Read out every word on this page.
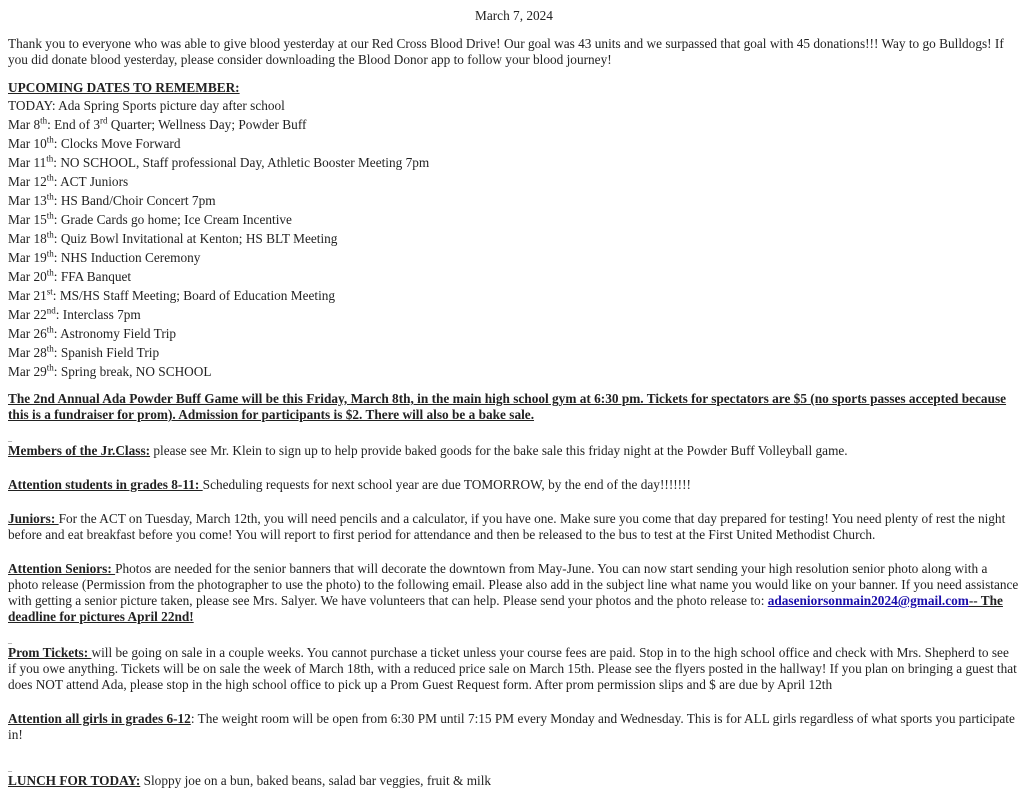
March 7, 2024

Thank you to everyone who was able to give blood yesterday at our Red Cross Blood Drive! Our goal was 43 units and we surpassed that goal with 45 donations!!! Way to go Bulldogs! If you did donate blood yesterday, please consider downloading the Blood Donor app to follow your blood journey!

UPCOMING DATES TO REMEMBER:

TODAY: Ada Spring Sports picture day after school

Mar 8th: End of 3rd Quarter; Wellness Day; Powder Buff

Mar 10th: Clocks Move Forward

Mar 11th: NO SCHOOL, Staff professional Day, Athletic Booster Meeting 7pm

Mar 12th: ACT Juniors

Mar 13th: HS Band/Choir Concert 7pm

Mar 15th: Grade Cards go home; Ice Cream Incentive

Mar 18th: Quiz Bowl Invitational at Kenton; HS BLT Meeting

Mar 19th: NHS Induction Ceremony

Mar 20th: FFA Banquet

Mar 21st: MS/HS Staff Meeting; Board of Education Meeting

Mar 22nd: Interclass 7pm

Mar 26th: Astronomy Field Trip

Mar 28th: Spanish Field Trip

Mar 29th: Spring break, NO SCHOOL

The 2nd Annual Ada Powder Buff Game will be this Friday, March 8th, in the main high school gym at 6:30 pm. Tickets for spectators are $5 (no sports passes accepted because this is a fundraiser for prom). Admission for participants is $2. There will also be a bake sale.

_

Members of the Jr.Class: please see Mr. Klein to sign up to help provide baked goods for the bake sale this friday night at the Powder Buff Volleyball game.

Attention students in grades 8-11: Scheduling requests for next school year are due TOMORROW, by the end of the day!!!!!!!

Juniors: For the ACT on Tuesday, March 12th, you will need pencils and a calculator, if you have one. Make sure you come that day prepared for testing! You need plenty of rest the night before and eat breakfast before you come! You will report to first period for attendance and then be released to the bus to test at the First United Methodist Church.

Attention Seniors: Photos are needed for the senior banners that will decorate the downtown from May-June. You can now start sending your high resolution senior photo along with a photo release (Permission from the photographer to use the photo) to the following email. Please also add in the subject line what name you would like on your banner. If you need assistance with getting a senior picture taken, please see Mrs. Salyer. We have volunteers that can help. Please send your photos and the photo release to: adaseniorsonmain2024@gmail.com-- The deadline for pictures April 22nd!

_

Prom Tickets: will be going on sale in a couple weeks. You cannot purchase a ticket unless your course fees are paid. Stop in to the high school office and check with Mrs. Shepherd to see if you owe anything. Tickets will be on sale the week of March 18th, with a reduced price sale on March 15th. Please see the flyers posted in the hallway! If you plan on bringing a guest that does NOT attend Ada, please stop in the high school office to pick up a Prom Guest Request form. After prom permission slips and $ are due by April 12th

Attention all girls in grades 6-12: The weight room will be open from 6:30 PM until 7:15 PM every Monday and Wednesday. This is for ALL girls regardless of what sports you participate in!

_

LUNCH FOR TODAY: Sloppy joe on a bun, baked beans, salad bar veggies, fruit & milk
